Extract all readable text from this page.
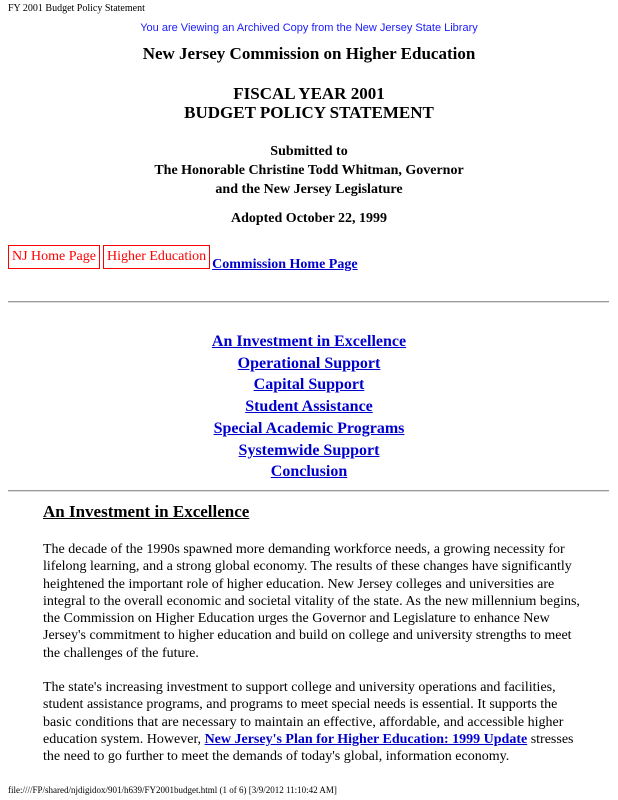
FY 2001 Budget Policy Statement
You are Viewing an Archived Copy from the New Jersey State Library
New Jersey Commission on Higher Education
FISCAL YEAR 2001
BUDGET POLICY STATEMENT
Submitted to
The Honorable Christine Todd Whitman, Governor
and the New Jersey Legislature
Adopted October 22, 1999
NJ Home Page Higher EducationCommission Home Page
An Investment in Excellence
Operational Support
Capital Support
Student Assistance
Special Academic Programs
Systemwide Support
Conclusion
An Investment in Excellence
The decade of the 1990s spawned more demanding workforce needs, a growing necessity for lifelong learning, and a strong global economy. The results of these changes have significantly heightened the important role of higher education. New Jersey colleges and universities are integral to the overall economic and societal vitality of the state. As the new millennium begins, the Commission on Higher Education urges the Governor and Legislature to enhance New Jersey's commitment to higher education and build on college and university strengths to meet the challenges of the future.
The state's increasing investment to support college and university operations and facilities, student assistance programs, and programs to meet special needs is essential. It supports the basic conditions that are necessary to maintain an effective, affordable, and accessible higher education system. However, New Jersey's Plan for Higher Education: 1999 Update stresses the need to go further to meet the demands of today's global, information economy.
file:////FP/shared/njdigidox/901/h639/FY2001budget.html (1 of 6) [3/9/2012 11:10:42 AM]
